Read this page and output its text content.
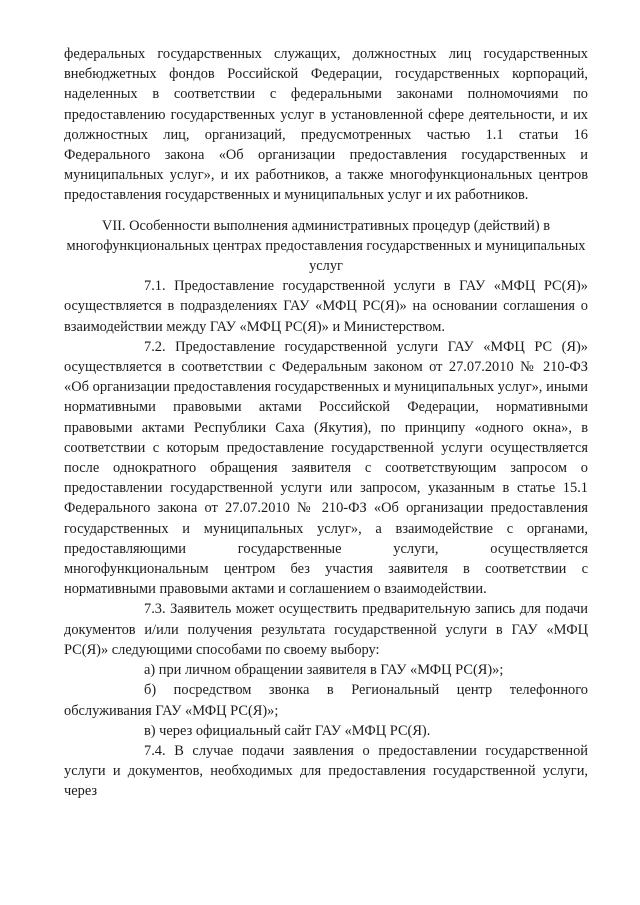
федеральных государственных служащих, должностных лиц государственных внебюджетных фондов Российской Федерации, государственных корпораций, наделенных в соответствии с федеральными законами полномочиями по предоставлению государственных услуг в установленной сфере деятельности, и их должностных лиц, организаций, предусмотренных частью 1.1 статьи 16 Федерального закона «Об организации предоставления государственных и муниципальных услуг», и их работников, а также многофункциональных центров предоставления государственных и муниципальных услуг и их работников.

VII. Особенности выполнения административных процедур (действий) в многофункциональных центрах предоставления государственных и муниципальных услуг

7.1. Предоставление государственной услуги в ГАУ «МФЦ РС(Я)» осуществляется в подразделениях ГАУ «МФЦ РС(Я)» на основании соглашения о взаимодействии между ГАУ «МФЦ РС(Я)» и Министерством.

7.2. Предоставление государственной услуги ГАУ «МФЦ РС (Я)» осуществляется в соответствии с Федеральным законом от 27.07.2010 № 210-ФЗ «Об организации предоставления государственных и муниципальных услуг», иными нормативными правовыми актами Российской Федерации, нормативными правовыми актами Республики Саха (Якутия), по принципу «одного окна», в соответствии с которым предоставление государственной услуги осуществляется после однократного обращения заявителя с соответствующим запросом о предоставлении государственной услуги или запросом, указанным в статье 15.1 Федерального закона от 27.07.2010 № 210-ФЗ «Об организации предоставления государственных и муниципальных услуг», а взаимодействие с органами, предоставляющими государственные услуги, осуществляется многофункциональным центром без участия заявителя в соответствии с нормативными правовыми актами и соглашением о взаимодействии.

7.3. Заявитель может осуществить предварительную запись для подачи документов и/или получения результата государственной услуги в ГАУ «МФЦ РС(Я)» следующими способами по своему выбору:

а) при личном обращении заявителя в ГАУ «МФЦ РС(Я)»;

б) посредством звонка в Региональный центр телефонного обслуживания ГАУ «МФЦ РС(Я)»;

в) через официальный сайт ГАУ «МФЦ РС(Я).

7.4. В случае подачи заявления о предоставлении государственной услуги и документов, необходимых для предоставления государственной услуги, через
